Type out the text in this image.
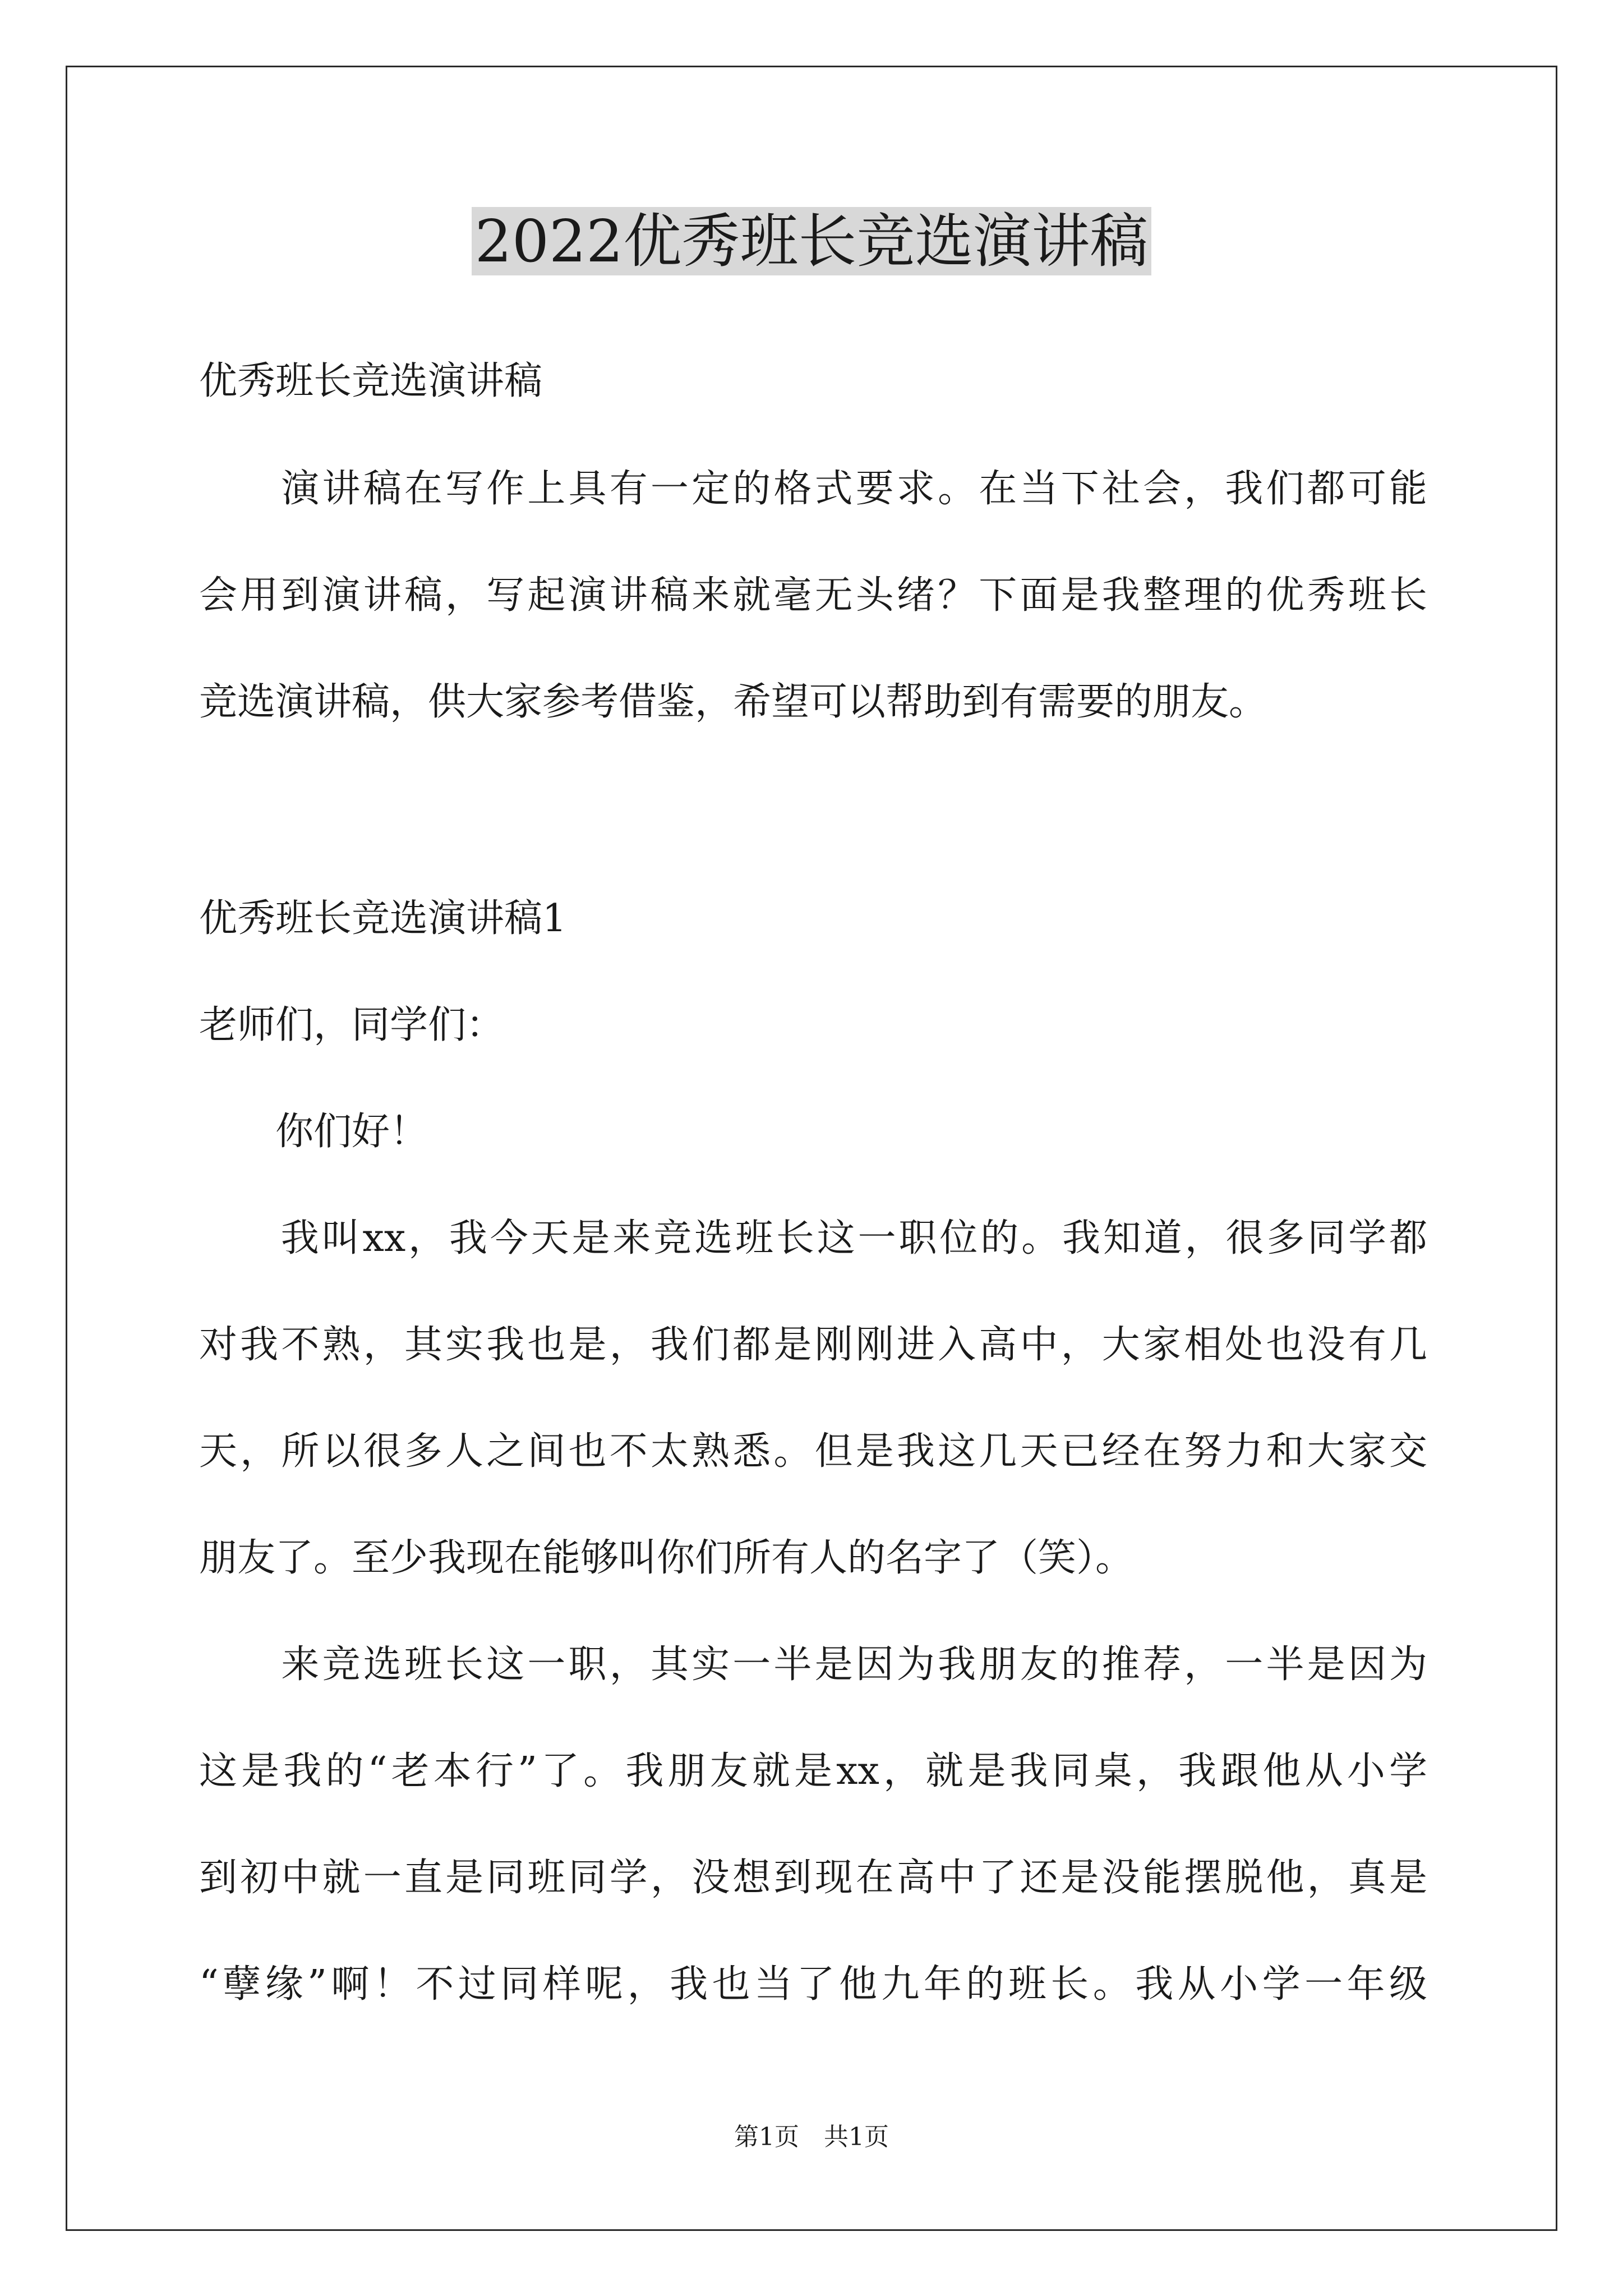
2022优秀班长竞选演讲稿
优秀班长竞选演讲稿
　　演讲稿在写作上具有一定的格式要求。在当下社会，我们都可能
会用到演讲稿，写起演讲稿来就毫无头绪？下面是我整理的优秀班长
竞选演讲稿，供大家参考借鉴，希望可以帮助到有需要的朋友。
优秀班长竞选演讲稿1
老师们，同学们：
　　你们好！
　　我叫xx，我今天是来竞选班长这一职位的。我知道，很多同学都
对我不熟，其实我也是，我们都是刚刚进入高中，大家相处也没有几
天，所以很多人之间也不太熟悉。但是我这几天已经在努力和大家交
朋友了。至少我现在能够叫你们所有人的名字了（笑）。
　　来竞选班长这一职，其实一半是因为我朋友的推荐，一半是因为
这是我的“老本行”了。我朋友就是xx，就是我同桌，我跟他从小学
到初中就一直是同班同学，没想到现在高中了还是没能摆脱他，真是
“孽缘”啊！不过同样呢，我也当了他九年的班长。我从小学一年级
第1页　共1页
